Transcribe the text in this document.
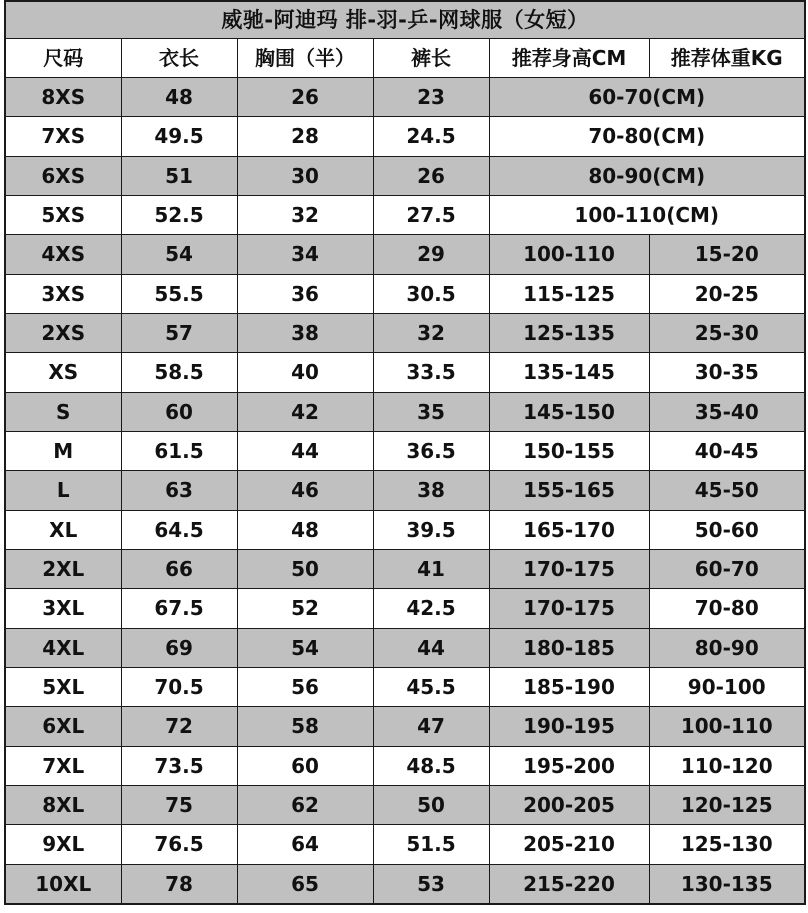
威驰-阿迪玛 排-羽-乒-网球服（女短）					
尺码	衣长	胸围（半）	裤长	推荐身高CM	推荐体重KG
8XS	48	26	23	60-70(CM)	
7XS	49.5	28	24.5	70-80(CM)	
6XS	51	30	26	80-90(CM)	
5XS	52.5	32	27.5	100-110(CM)	
4XS	54	34	29	100-110	15-20
3XS	55.5	36	30.5	115-125	20-25
2XS	57	38	32	125-135	25-30
XS	58.5	40	33.5	135-145	30-35
S	60	42	35	145-150	35-40
M	61.5	44	36.5	150-155	40-45
L	63	46	38	155-165	45-50
XL	64.5	48	39.5	165-170	50-60
2XL	66	50	41	170-175	60-70
3XL	67.5	52	42.5	170-175	70-80
4XL	69	54	44	180-185	80-90
5XL	70.5	56	45.5	185-190	90-100
6XL	72	58	47	190-195	100-110
7XL	73.5	60	48.5	195-200	110-120
8XL	75	62	50	200-205	120-125
9XL	76.5	64	51.5	205-210	125-130
10XL	78	65	53	215-220	130-135
